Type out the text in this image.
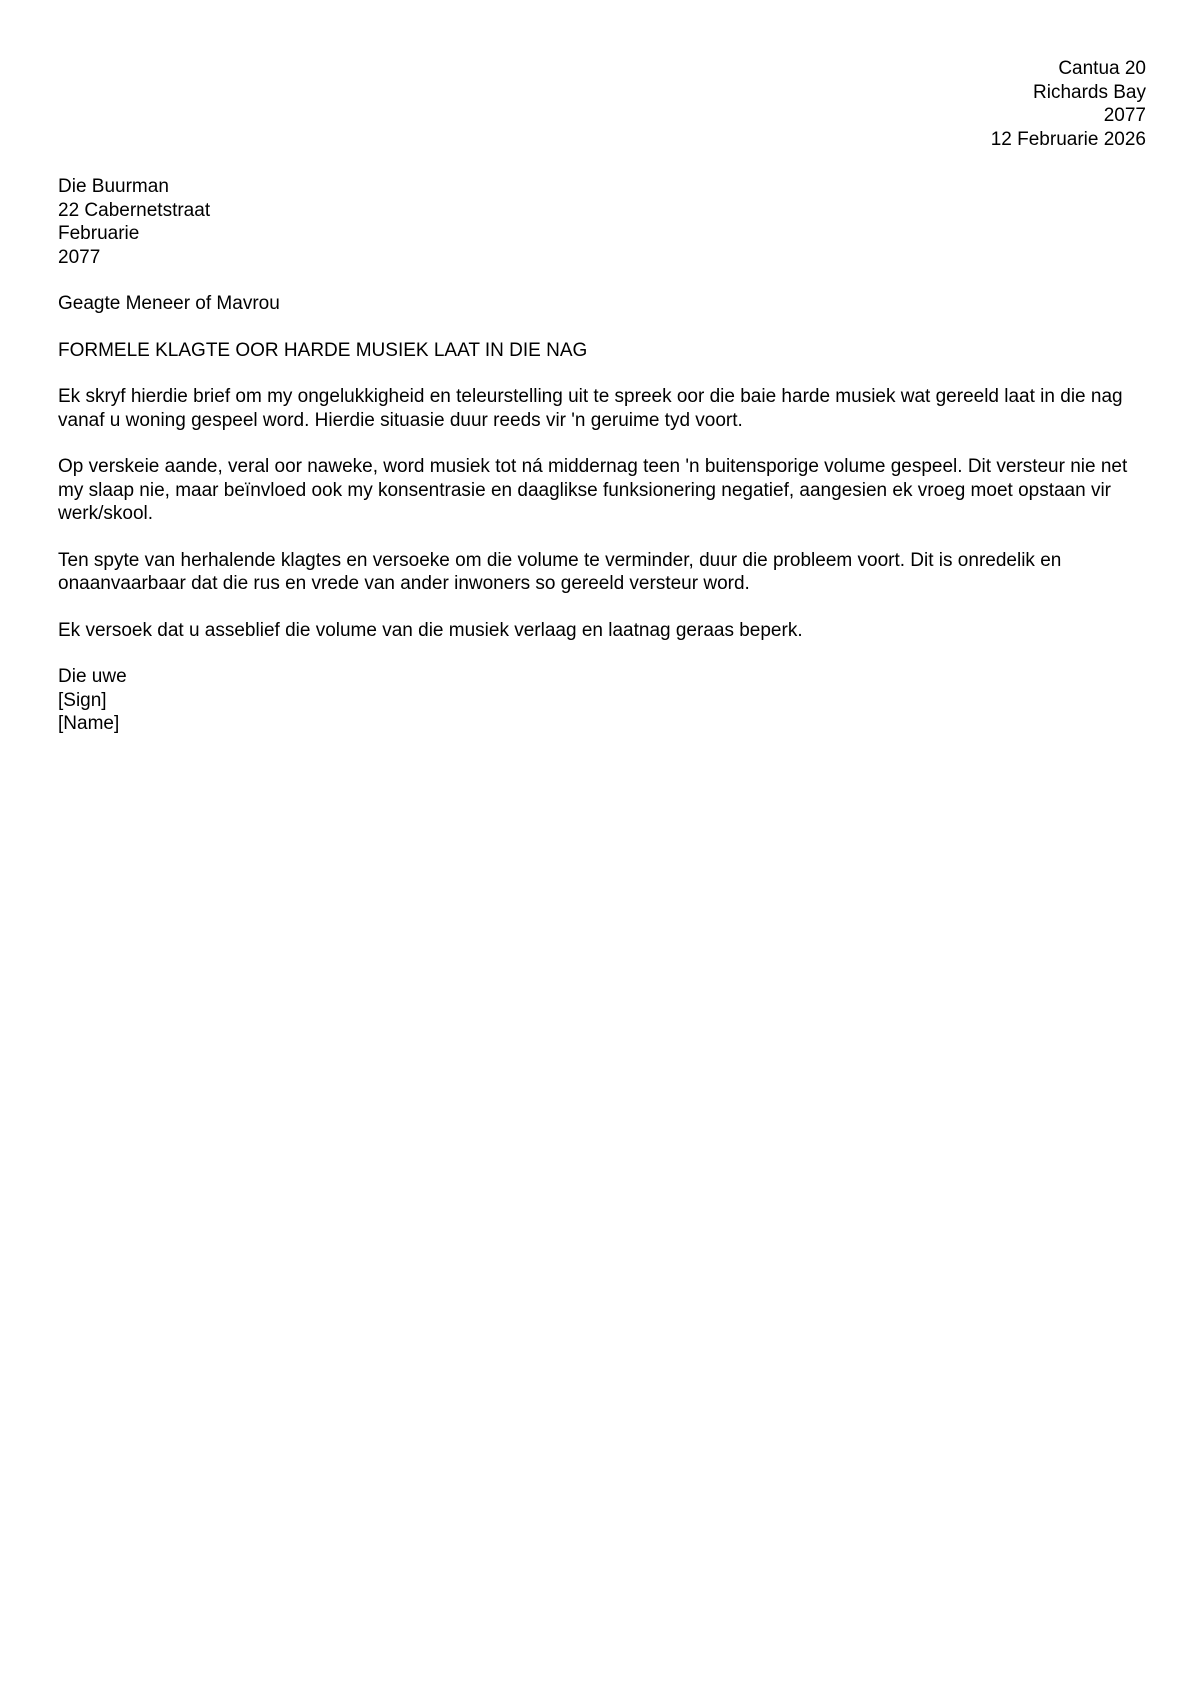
Cantua 20
Richards Bay
2077
12 Februarie 2026
Die Buurman
22 Cabernetstraat
Februarie
2077
Geagte Meneer of Mavrou

FORMELE KLAGTE OOR HARDE MUSIEK LAAT IN DIE NAG

Ek skryf hierdie brief om my ongelukkigheid en teleurstelling uit te spreek oor die baie harde musiek wat gereeld laat in die nag vanaf u woning gespeel word. Hierdie situasie duur reeds vir 'n geruime tyd voort.

Op verskeie aande, veral oor naweke, word musiek tot ná middernag teen 'n buitensporige volume gespeel. Dit versteur nie net my slaap nie, maar beïnvloed ook my konsentrasie en daaglikse funksionering negatief, aangesien ek vroeg moet opstaan vir werk/skool.

Ten spyte van herhalende klagtes en versoeke om die volume te verminder, duur die probleem voort. Dit is onredelik en onaanvaarbaar dat die rus en vrede van ander inwoners so gereeld versteur word.

Ek versoek dat u asseblief die volume van die musiek verlaag en laatnag geraas beperk.

Die uwe
[Sign]
[Name]
